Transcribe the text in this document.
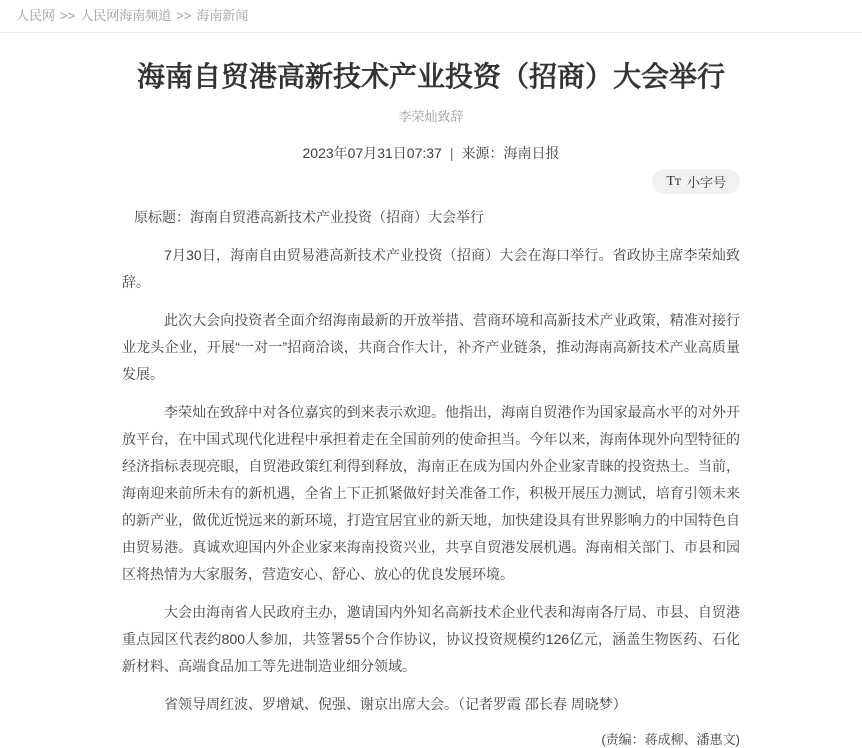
人民网 >> 人民网海南频道 >> 海南新闻
海南自贸港高新技术产业投资（招商）大会举行
李荣灿致辞
2023年07月31日07:37 | 来源：海南日报
Tᴛ 小字号

原标题：海南自贸港高新技术产业投资（招商）大会举行

7月30日，海南自由贸易港高新技术产业投资（招商）大会在海口举行。省政协主席李荣灿致辞。

此次大会向投资者全面介绍海南最新的开放举措、营商环境和高新技术产业政策，精准对接行业龙头企业，开展“一对一”招商洽谈，共商合作大计，补齐产业链条，推动海南高新技术产业高质量发展。

李荣灿在致辞中对各位嘉宾的到来表示欢迎。他指出，海南自贸港作为国家最高水平的对外开放平台，在中国式现代化进程中承担着走在全国前列的使命担当。今年以来，海南体现外向型特征的经济指标表现亮眼，自贸港政策红利得到释放，海南正在成为国内外企业家青睐的投资热土。当前，海南迎来前所未有的新机遇，全省上下正抓紧做好封关准备工作，积极开展压力测试，培育引领未来的新产业，做优近悦远来的新环境，打造宜居宜业的新天地，加快建设具有世界影响力的中国特色自由贸易港。真诚欢迎国内外企业家来海南投资兴业，共享自贸港发展机遇。海南相关部门、市县和园区将热情为大家服务，营造安心、舒心、放心的优良发展环境。

大会由海南省人民政府主办，邀请国内外知名高新技术企业代表和海南各厅局、市县、自贸港重点园区代表约800人参加，共签署55个合作协议，协议投资规模约126亿元，涵盖生物医药、石化新材料、高端食品加工等先进制造业细分领域。

省领导周红波、罗增斌、倪强、谢京出席大会。（记者罗霞 邵长春 周晓梦）

(责编：蒋成柳、潘惠文)
